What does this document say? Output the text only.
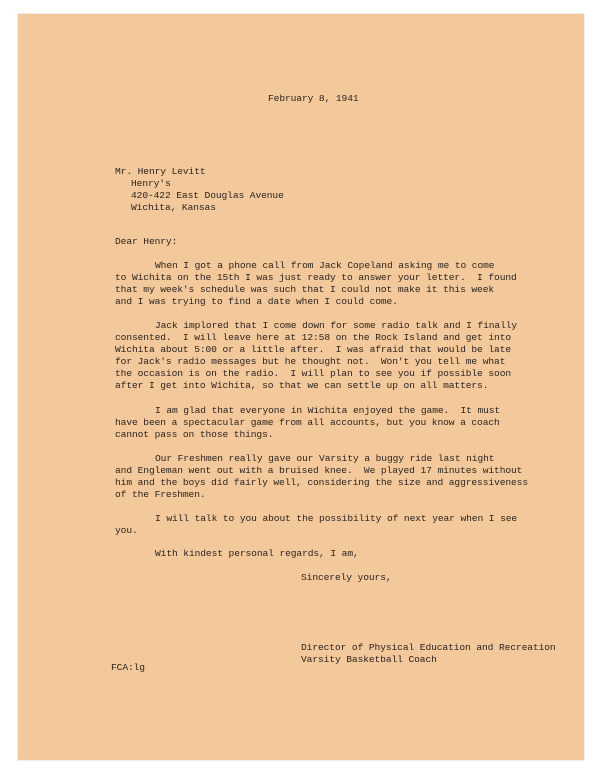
February 8, 1941
Mr. Henry Levitt
Henry's
420-422 East Douglas Avenue
Wichita, Kansas
Dear Henry:
When I got a phone call from Jack Copeland asking me to come
to Wichita on the 15th I was just ready to answer your letter.  I found
that my week's schedule was such that I could not make it this week
and I was trying to find a date when I could come.
Jack implored that I come down for some radio talk and I finally
consented.  I will leave here at 12:58 on the Rock Island and get into
Wichita about 5:00 or a little after.  I was afraid that would be late
for Jack's radio messages but he thought not.  Won't you tell me what
the occasion is on the radio.  I will plan to see you if possible soon
after I get into Wichita, so that we can settle up on all matters.
I am glad that everyone in Wichita enjoyed the game.  It must
have been a spectacular game from all accounts, but you know a coach
cannot pass on those things.
Our Freshmen really gave our Varsity a buggy ride last night
and Engleman went out with a bruised knee.  We played 17 minutes without
him and the boys did fairly well, considering the size and aggressiveness
of the Freshmen.
I will talk to you about the possibility of next year when I see
you.
With kindest personal regards, I am,
Sincerely yours,
Director of Physical Education and Recreation
Varsity Basketball Coach
FCA:lg
